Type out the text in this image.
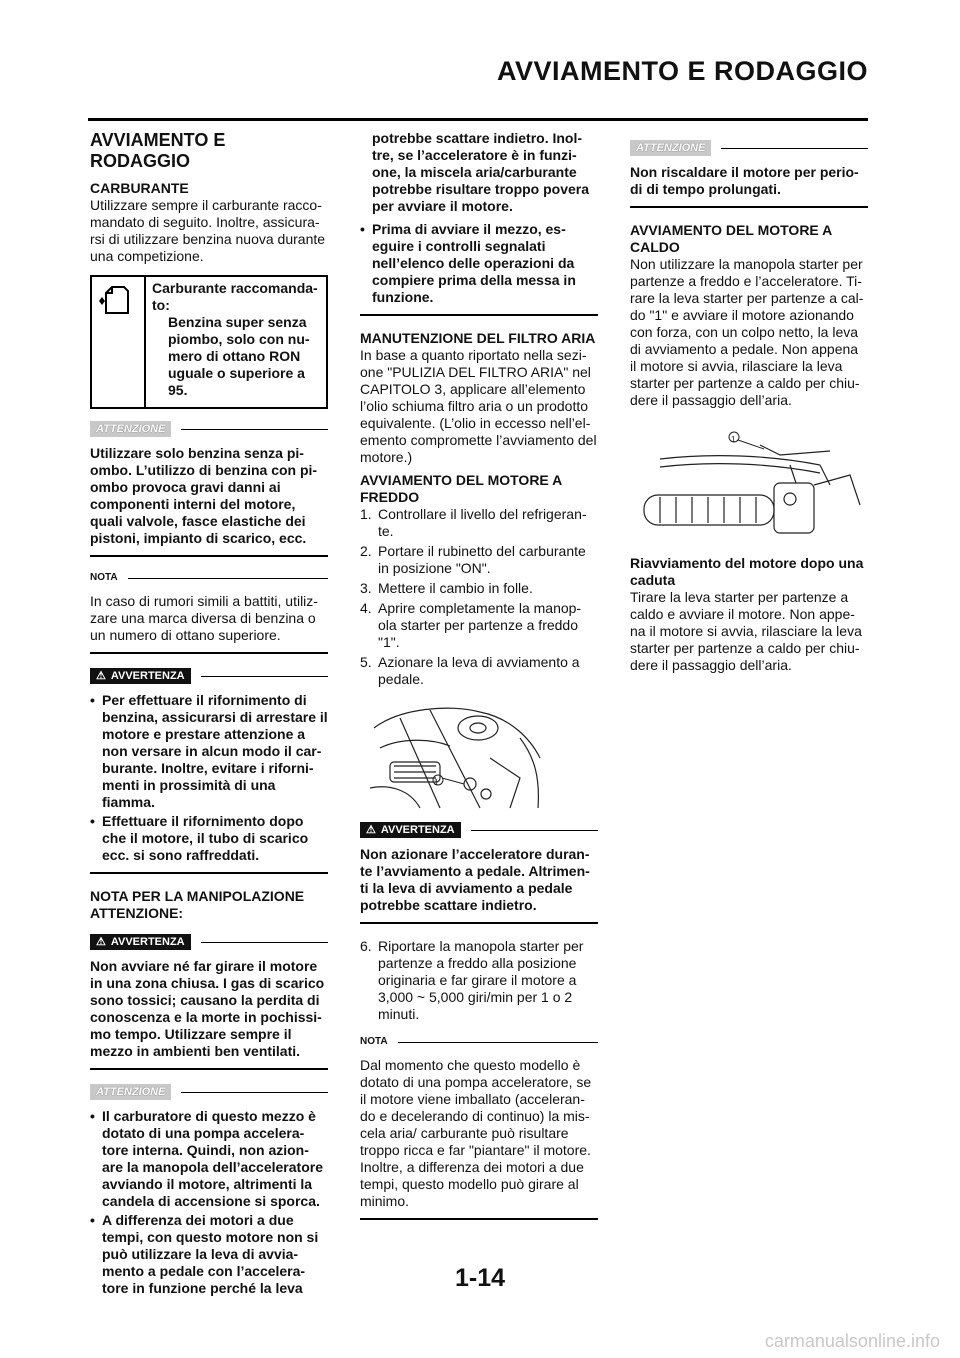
AVVIAMENTO E RODAGGIO
AVVIAMENTO E RODAGGIO
CARBURANTE

Utilizzare sempre il carburante racco-mandato di seguito. Inoltre, assicura-rsi di utilizzare benzina nuova durante una competizione.

Carburante raccomanda-to:
Benzina super senza piombo, solo con nu-mero di ottano RON uguale o superiore a 95.
ATTENZIONE

Utilizzare solo benzina senza pi-ombo. L’utilizzo di benzina con pi-ombo provoca gravi danni ai componenti interni del motore, quali valvole, fasce elastiche dei pistoni, impianto di scarico, ecc.

NOTA

In caso di rumori simili a battiti, utiliz-zare una marca diversa di benzina o un numero di ottano superiore.

⚠ AVVERTENZA
• Per effettuare il rifornimento di benzina, assicurarsi di arrestare il motore e prestare attenzione a non versare in alcun modo il car-burante. Inoltre, evitare i riforni-menti in prossimità di una fiamma.
• Effettuare il rifornimento dopo che il motore, il tubo di scarico ecc. si sono raffreddati.
NOTA PER LA MANIPOLAZIONE ATTENZIONE:
⚠ AVVERTENZA

Non avviare né far girare il motore in una zona chiusa. I gas di scarico sono tossici; causano la perdita di conoscenza e la morte in pochissi-mo tempo. Utilizzare sempre il mezzo in ambienti ben ventilati.

ATTENZIONE
• Il carburatore di questo mezzo è dotato di una pompa accelera-tore interna. Quindi, non azion-are la manopola dell’acceleratore avviando il motore, altrimenti la candela di accensione si sporca.
• A differenza dei motori a due tempi, con questo motore non si può utilizzare la leva di avvia-mento a pedale con l’accelera-tore in funzione perché la leva

potrebbe scattare indietro. Inol-tre, se l’acceleratore è in funzi-one, la miscela aria/carburante potrebbe risultare troppo povera per avviare il motore.

• Prima di avviare il mezzo, es-eguire i controlli segnalati nell’elenco delle operazioni da compiere prima della messa in funzione.
MANUTENZIONE DEL FILTRO ARIA

In base a quanto riportato nella sezi-one "PULIZIA DEL FILTRO ARIA" nel CAPITOLO 3, applicare all’elemento l’olio schiuma filtro aria o un prodotto equivalente. (L’olio in eccesso nell’el-emento compromette l’avviamento del motore.)

AVVIAMENTO DEL MOTORE A FREDDO
1. Controllare il livello del refrigeran-te.
2. Portare il rubinetto del carburante in posizione "ON".
3. Mettere il cambio in folle.
4. Aprire completamente la manop-ola starter per partenze a freddo "1".
5. Azionare la leva di avviamento a pedale.
1
⚠ AVVERTENZA

Non azionare l’acceleratore duran-te l’avviamento a pedale. Altrimen-ti la leva di avviamento a pedale potrebbe scattare indietro.

6. Riportare la manopola starter per partenze a freddo alla posizione originaria e far girare il motore a 3,000 ~ 5,000 giri/min per 1 o 2 minuti.
NOTA

Dal momento che questo modello è dotato di una pompa acceleratore, se il motore viene imballato (acceleran-do e decelerando di continuo) la mis-cela aria/ carburante può risultare troppo ricca e far "piantare" il motore. Inoltre, a differenza dei motori a due tempi, questo modello può girare al minimo.

ATTENZIONE

Non riscaldare il motore per perio-di di tempo prolungati.

AVVIAMENTO DEL MOTORE A CALDO

Non utilizzare la manopola starter per partenze a freddo e l’acceleratore. Ti-rare la leva starter per partenze a cal-do "1" e avviare il motore azionando con forza, con un colpo netto, la leva di avviamento a pedale. Non appena il motore si avvia, rilasciare la leva starter per partenze a caldo per chiu-dere il passaggio dell’aria.

1
Riavviamento del motore dopo una caduta

Tirare la leva starter per partenze a caldo e avviare il motore. Non appe-na il motore si avvia, rilasciare la leva starter per partenze a caldo per chiu-dere il passaggio dell’aria.

1-14
carmanualsonline.info
